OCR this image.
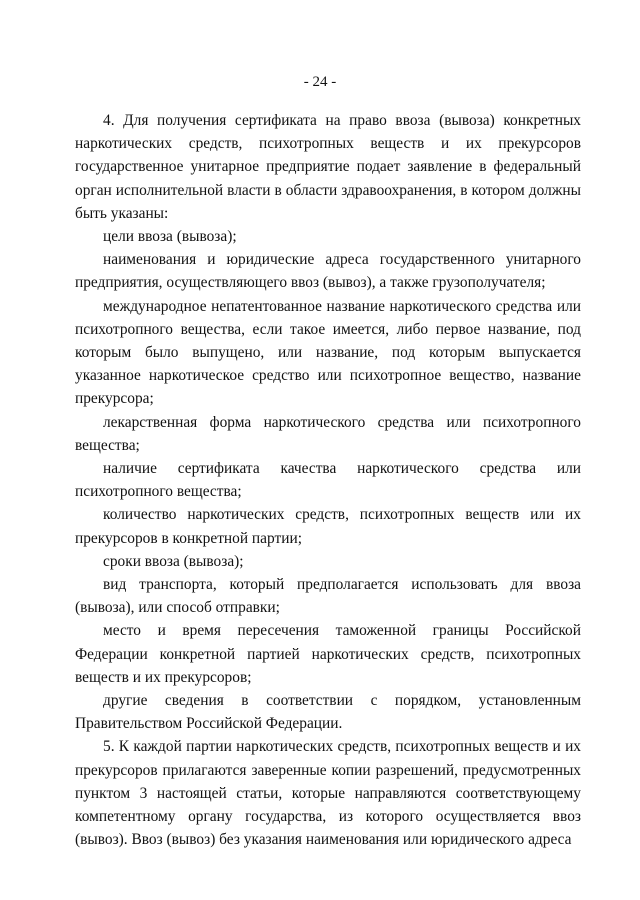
- 24 -

4. Для получения сертификата на право ввоза (вывоза) конкретных наркотических средств, психотропных веществ и их прекурсоров государственное унитарное предприятие подает заявление в федеральный орган исполнительной власти в области здравоохранения, в котором должны быть указаны:

цели ввоза (вывоза);

наименования и юридические адреса государственного унитарного предприятия, осуществляющего ввоз (вывоз), а также грузополучателя;

международное непатентованное название наркотического средства или психотропного вещества, если такое имеется, либо первое название, под которым было выпущено, или название, под которым выпускается указанное наркотическое средство или психотропное вещество, название прекурсора;

лекарственная форма наркотического средства или психотропного вещества;

наличие сертификата качества наркотического средства или психотропного вещества;

количество наркотических средств, психотропных веществ или их прекурсоров в конкретной партии;

сроки ввоза (вывоза);

вид транспорта, который предполагается использовать для ввоза (вывоза), или способ отправки;

место и время пересечения таможенной границы Российской Федерации конкретной партией наркотических средств, психотропных веществ и их прекурсоров;

другие сведения в соответствии с порядком, установленным Правительством Российской Федерации.

5. К каждой партии наркотических средств, психотропных веществ и их прекурсоров прилагаются заверенные копии разрешений, предусмотренных пунктом 3 настоящей статьи, которые направляются соответствующему компетентному органу государства, из которого осуществляется ввоз (вывоз). Ввоз (вывоз) без указания наименования или юридического адреса
